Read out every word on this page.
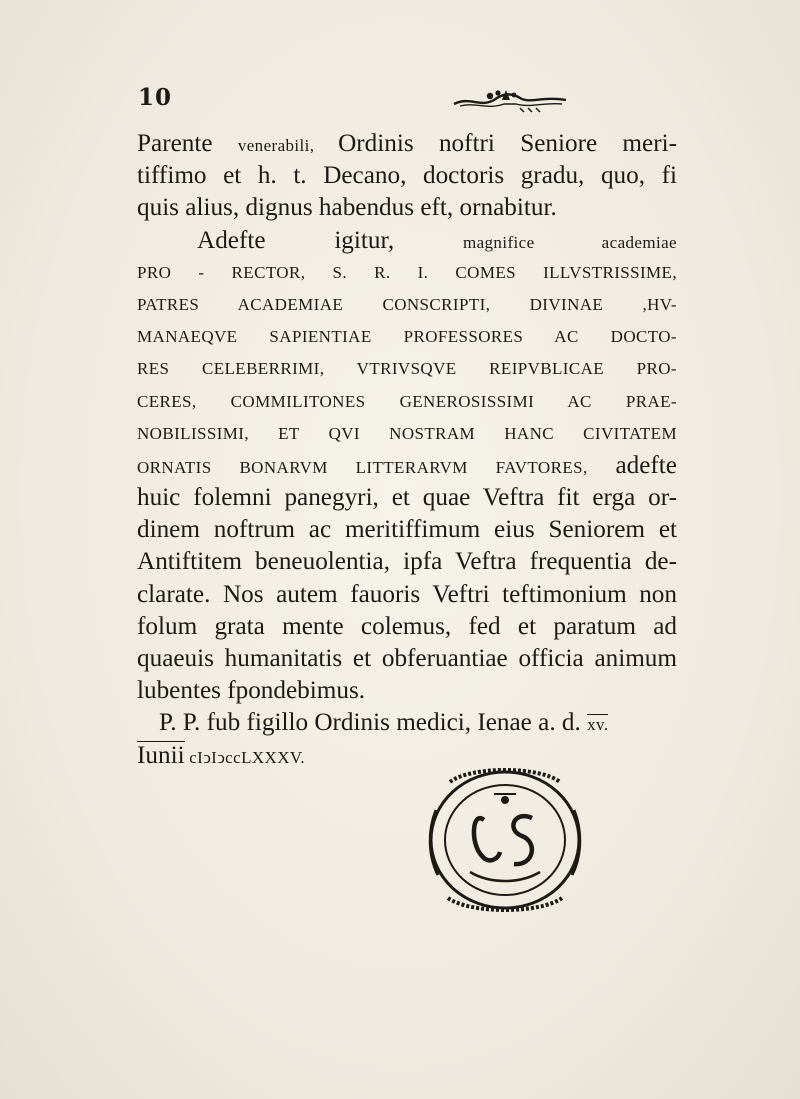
10
Parente venerabili, Ordinis noftri Seniore meri-
tiffimo et h. t. Decano, doctoris gradu, quo, fi
quis alius, dignus habendus eft, ornabitur.
Adefte igitur, magnifice academiae
PRO - RECTOR, S. R. I. COMES ILLVSTRISSIME,
PATRES ACADEMIAE CONSCRIPTI, DIVINAE ,HV-
MANAEQVE SAPIENTIAE PROFESSORES AC DOCTO-
RES CELEBERRIMI, VTRIVSQVE REIPVBLICAE PRO-
CERES, COMMILITONES GENEROSISSIMI AC PRAE-
NOBILISSIMI, ET QVI NOSTRAM HANC CIVITATEM
ORNATIS BONARVM LITTERARVM FAVTORES, adefte
huic folemni panegyri, et quae Veftra fit erga or-
dinem noftrum ac meritiffimum eius Seniorem et
Antiftitem beneuolentia, ipfa Veftra frequentia de-
clarate. Nos autem fauoris Veftri teftimonium non
folum grata mente colemus, fed et paratum ad
quaeuis humanitatis et obferuantiae officia animum
lubentes fpondebimus.
P. P. fub figillo Ordinis medici, Ienae a. d. xv.
Iunii cIↄIↄccLXXXV.
